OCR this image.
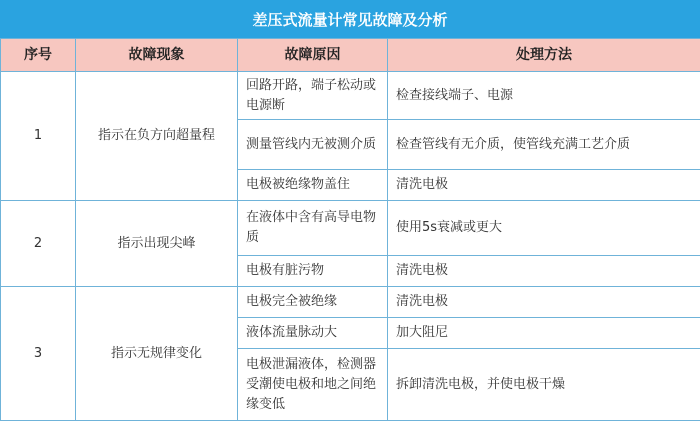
差压式流量计常见故障及分析
序号	故障现象	故障原因	处理方法
1	指示在负方向超量程	回路开路，端子松动或电源断	检查接线端子、电源
		测量管线内无被测介质	检查管线有无介质，使管线充满工艺介质
		电极被绝缘物盖住	清洗电极
2	指示出现尖峰	在液体中含有高导电物质	使用5s衰减或更大
		电极有脏污物	清洗电极
3	指示无规律变化	电极完全被绝缘	清洗电极
		液体流量脉动大	加大阻尼
		电极泄漏液体，检测器受潮使电极和地之间绝缘变低	拆卸清洗电极，并使电极干燥
